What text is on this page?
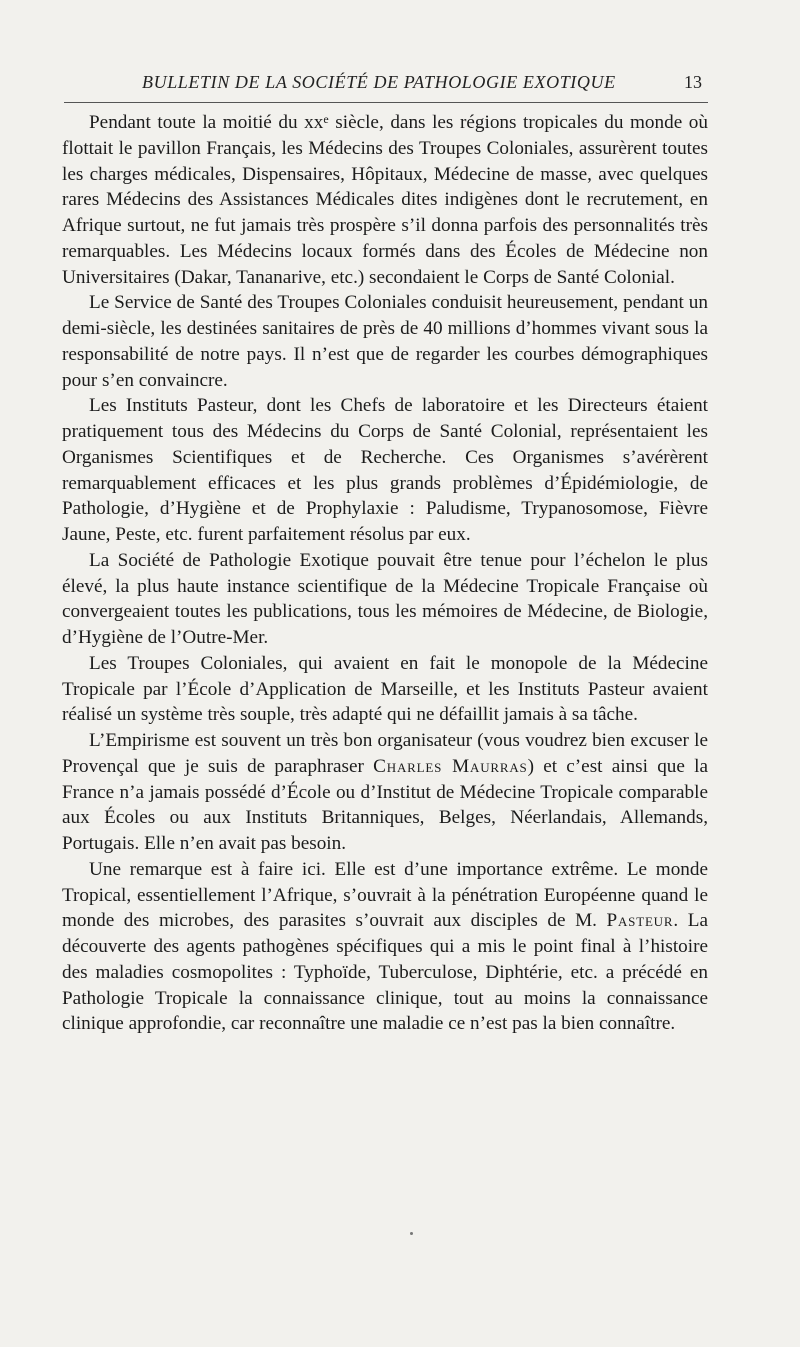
BULLETIN DE LA SOCIÉTÉ DE PATHOLOGIE EXOTIQUE	13

Pendant toute la moitié du $xx^e$ siècle, dans les régions tropicales du monde où flottait le pavillon Français, les Médecins des Troupes Coloniales, assurèrent toutes les charges médicales, Dispensaires, Hôpitaux, Médecine de masse, avec quelques rares Médecins des Assistances Médicales dites indigènes dont le recrutement, en Afrique surtout, ne fut jamais très prospère s’il donna parfois des personnalités très remarquables. Les Médecins locaux formés dans des Écoles de Médecine non Universitaires (Dakar, Tananarive, etc.) secondaient le Corps de Santé Colonial.

Le Service de Santé des Troupes Coloniales conduisit heureusement, pendant un demi-siècle, les destinées sanitaires de près de 40 millions d’hommes vivant sous la responsabilité de notre pays. Il n’est que de regarder les courbes démographiques pour s’en convaincre.

Les Instituts Pasteur, dont les Chefs de laboratoire et les Directeurs étaient pratiquement tous des Médecins du Corps de Santé Colonial, représentaient les Organismes Scientifiques et de Recherche. Ces Organismes s’avérèrent remarquablement efficaces et les plus grands problèmes d’Épidémiologie, de Pathologie, d’Hygiène et de Prophylaxie : Paludisme, Trypanosomose, Fièvre Jaune, Peste, etc. furent parfaitement résolus par eux.

La Société de Pathologie Exotique pouvait être tenue pour l’échelon le plus élevé, la plus haute instance scientifique de la Médecine Tropicale Française où convergeaient toutes les publications, tous les mémoires de Médecine, de Biologie, d’Hygiène de l’Outre-Mer.

Les Troupes Coloniales, qui avaient en fait le monopole de la Médecine Tropicale par l’École d’Application de Marseille, et les Instituts Pasteur avaient réalisé un système très souple, très adapté qui ne défaillit jamais à sa tâche.

L’Empirisme est souvent un très bon organisateur (vous voudrez bien excuser le Provençal que je suis de paraphraser Charles Maurras) et c’est ainsi que la France n’a jamais possédé d’École ou d’Institut de Médecine Tropicale comparable aux Écoles ou aux Instituts Britanniques, Belges, Néerlandais, Allemands, Portugais. Elle n’en avait pas besoin.

Une remarque est à faire ici. Elle est d’une importance extrême. Le monde Tropical, essentiellement l’Afrique, s’ouvrait à la pénétration Européenne quand le monde des microbes, des parasites s’ouvrait aux disciples de M. Pasteur. La découverte des agents pathogènes spécifiques qui a mis le point final à l’histoire des maladies cosmopolites : Typhoïde, Tuberculose, Diphtérie, etc. a précédé en Pathologie Tropicale la connaissance clinique, tout au moins la connaissance clinique approfondie, car reconnaître une maladie ce n’est pas la bien connaître.
